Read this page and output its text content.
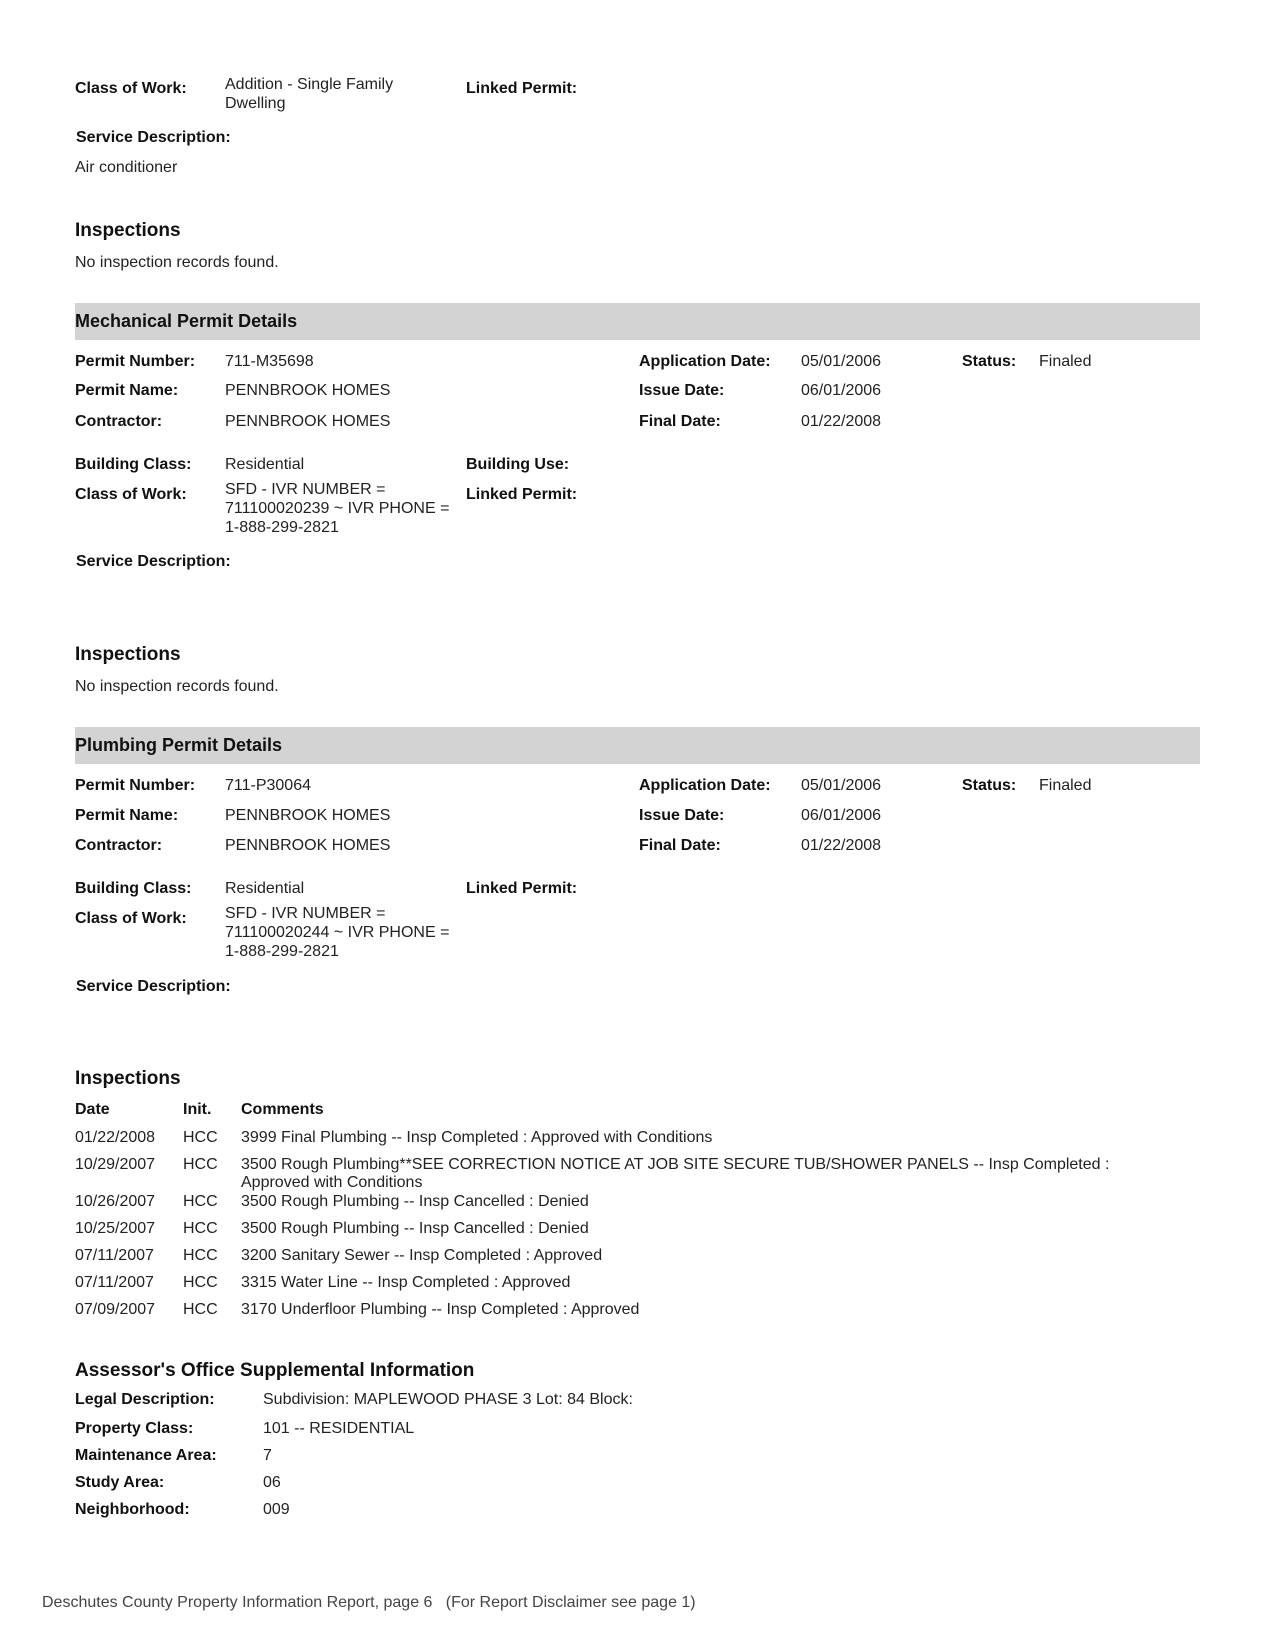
Class of Work: Addition - Single Family Dwelling
Linked Permit:
Service Description:
Air conditioner
Inspections
No inspection records found.
Mechanical Permit Details
Permit Number: 711-M35698
Permit Name:	PENNBROOK HOMES
Contractor:	PENNBROOK HOMES
Application Date: 05/01/2006
Issue Date:	06/01/2006
Final Date:	01/22/2008
Status: Finaled
Building Class: Residential	Building Use:
Class of Work: SFD - IVR NUMBER = 711100020239 ~ IVR PHONE = 1-888-299-2821
Linked Permit:
Service Description:
Inspections
No inspection records found.
Plumbing Permit Details
Permit Number: 711-P30064
Permit Name:	PENNBROOK HOMES
Contractor:	PENNBROOK HOMES
Application Date: 05/01/2006
Issue Date:	06/01/2006
Final Date:	01/22/2008
Status: Finaled
Building Class: Residential	Linked Permit:
Class of Work: SFD - IVR NUMBER = 711100020244 ~ IVR PHONE = 1-888-299-2821
Service Description:
Inspections
Date	Init. Comments
01/22/2008 HCC 3999 Final Plumbing -- Insp Completed : Approved with Conditions
10/29/2007 HCC 3500 Rough Plumbing**SEE CORRECTION NOTICE AT JOB SITE SECURE TUB/SHOWER PANELS -- Insp Completed : Approved with Conditions
10/26/2007 HCC 3500 Rough Plumbing -- Insp Cancelled : Denied
10/25/2007 HCC 3500 Rough Plumbing -- Insp Cancelled : Denied
07/11/2007 HCC 3200 Sanitary Sewer -- Insp Completed : Approved
07/11/2007 HCC 3315 Water Line -- Insp Completed : Approved
07/09/2007 HCC 3170 Underfloor Plumbing -- Insp Completed : Approved
Assessor's Office Supplemental Information
Legal Description:	Subdivision: MAPLEWOOD PHASE 3 Lot: 84 Block:
Property Class:	101 -- RESIDENTIAL
Maintenance Area:	7
Study Area:	06
Neighborhood:	009
Deschutes County Property Information Report, page 6   (For Report Disclaimer see page 1)
